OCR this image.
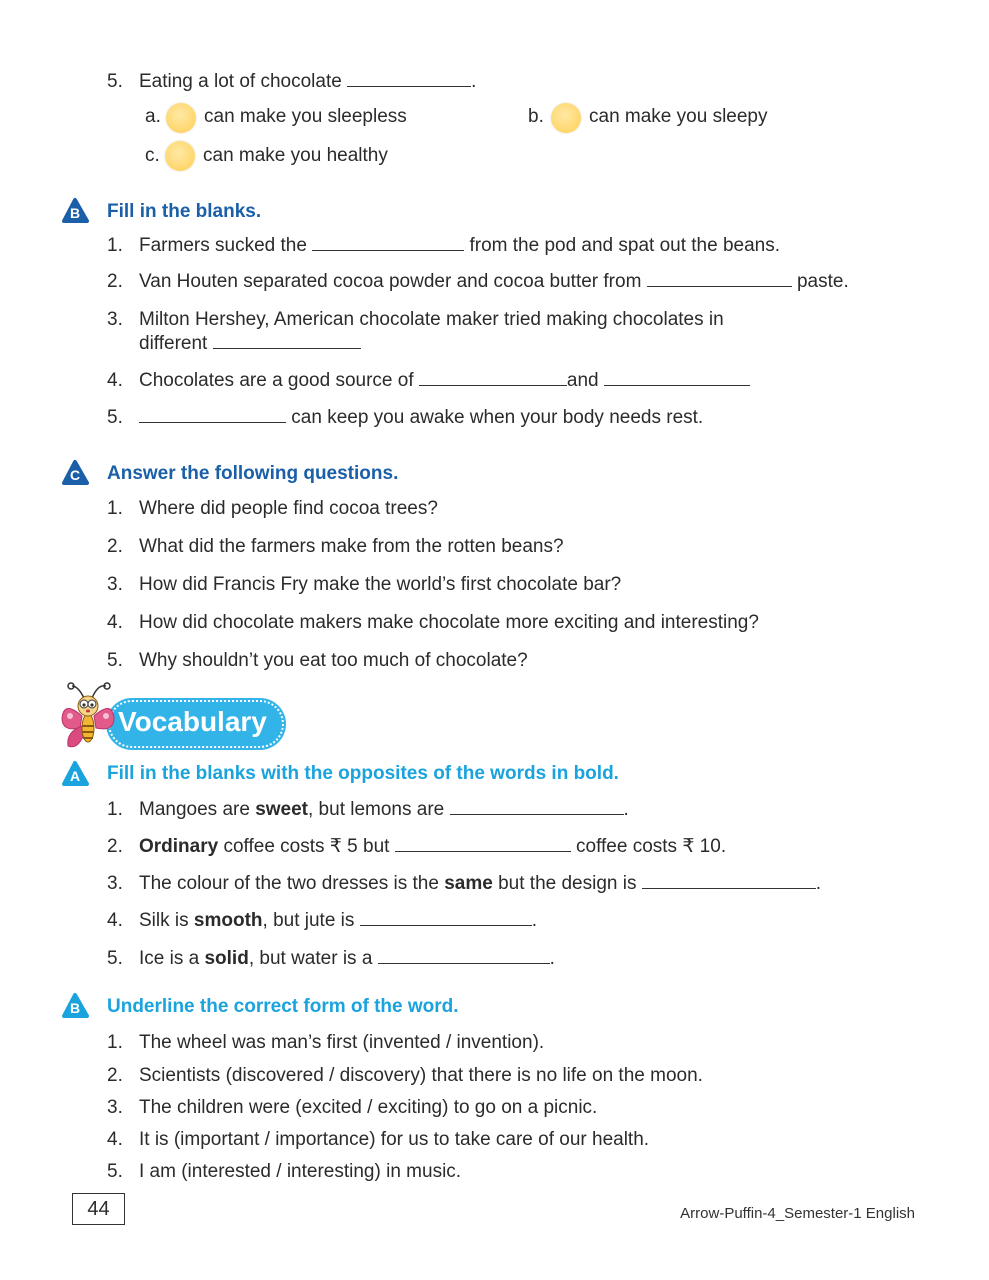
5. Eating a lot of chocolate	.
a. can make you sleepless	b. can make you sleepy
c. can make you healthy
B Fill in the blanks.
1. Farmers sucked the	from the pod and spat out the beans.
2. Van Houten separated cocoa powder and cocoa butter from	paste.
3. Milton Hershey, American chocolate maker tried making chocolates in
different
4. Chocolates are a good source of	and
5.	can keep you awake when your body needs rest.
C Answer the following questions.
1. Where did people find cocoa trees?
2. What did the farmers make from the rotten beans?
3. How did Francis Fry make the world’s first chocolate bar?
4. How did chocolate makers make chocolate more exciting and interesting?
5. Why shouldn’t you eat too much of chocolate?
Vocabulary
A Fill in the blanks with the opposites of the words in bold.
1. Mangoes are sweet, but lemons are	.
2. Ordinary coffee costs ₹ 5 but	coffee costs ₹ 10.
3. The colour of the two dresses is the same but the design is	.
4. Silk is smooth, but jute is	.
5. Ice is a solid, but water is a	.
B Underline the correct form of the word.
1. The wheel was man’s first (invented / invention).
2. Scientists (discovered / discovery) that there is no life on the moon.
3. The children were (excited / exciting) to go on a picnic.
4. It is (important / importance) for us to take care of our health.
5. I am (interested / interesting) in music.
44	Arrow-Puffin-4_Semester-1 English
